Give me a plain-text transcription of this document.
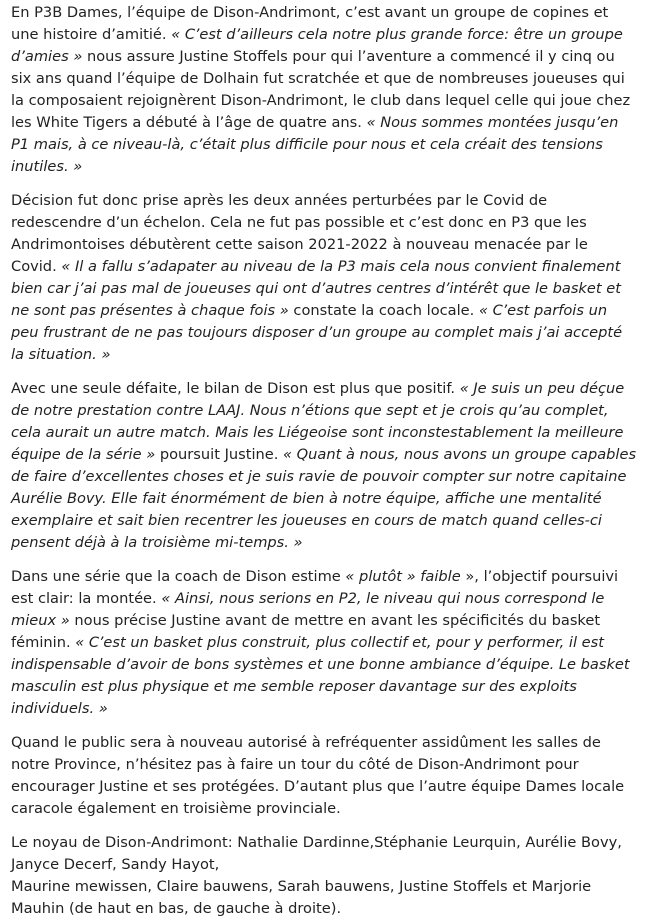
En P3B Dames, l’équipe de Dison-Andrimont, c’est avant un groupe de copines et une histoire d’amitié. « C’est d’ailleurs cela notre plus grande force: être un groupe d’amies » nous assure Justine Stoffels pour qui l’aventure a commencé il y cinq ou six ans quand l’équipe de Dolhain fut scratchée et que de nombreuses joueuses qui la composaient rejoignèrent Dison-Andrimont, le club dans lequel celle qui joue chez les White Tigers a débuté à l’âge de quatre ans. « Nous sommes montées jusqu’en P1 mais, à ce niveau-là, c’était plus difficile pour nous et cela créait des tensions inutiles. »

Décision fut donc prise après les deux années perturbées par le Covid de redescendre d’un échelon. Cela ne fut pas possible et c’est donc en P3 que les Andrimontoises débutèrent cette saison 2021-2022 à nouveau menacée par le Covid. « Il a fallu s’adapater au niveau de la P3 mais cela nous convient finalement bien car j’ai pas mal de joueuses qui ont d’autres centres d’intérêt que le basket et ne sont pas présentes à chaque fois » constate la coach locale. « C’est parfois un peu frustrant de ne pas toujours disposer d’un groupe au complet mais j’ai accepté la situation. »

Avec une seule défaite, le bilan de Dison est plus que positif. « Je suis un peu déçue de notre prestation contre LAAJ. Nous n’étions que sept et je crois qu’au complet, cela aurait un autre match. Mais les Liégeoise sont inconstestablement la meilleure équipe de la série » poursuit Justine. « Quant à nous, nous avons un groupe capables de faire d’excellentes choses et je suis ravie de pouvoir compter sur notre capitaine Aurélie Bovy. Elle fait énormément de bien à notre équipe, affiche une mentalité exemplaire et sait bien recentrer les joueuses en cours de match quand celles-ci pensent déjà à la troisième mi-temps. »

Dans une série que la coach de Dison estime « plutôt » faible », l’objectif poursuivi est clair: la montée. « Ainsi, nous serions en P2, le niveau qui nous correspond le mieux » nous précise Justine avant de mettre en avant les spécificités du basket féminin. « C’est un basket plus construit, plus collectif et, pour y performer, il est indispensable d’avoir de bons systèmes et une bonne ambiance d’équipe. Le basket masculin est plus physique et me semble reposer davantage sur des exploits individuels. »

Quand le public sera à nouveau autorisé à refréquenter assidûment les salles de notre Province, n’hésitez pas à faire un tour du côté de Dison-Andrimont pour encourager Justine et ses protégées. D’autant plus que l’autre équipe Dames locale caracole également en troisième provinciale.

Le noyau de Dison-Andrimont: Nathalie Dardinne,Stéphanie Leurquin, Aurélie Bovy, Janyce Decerf, Sandy Hayot,
Maurine mewissen, Claire bauwens, Sarah bauwens, Justine Stoffels et Marjorie Mauhin (de haut en bas, de gauche à droite).
